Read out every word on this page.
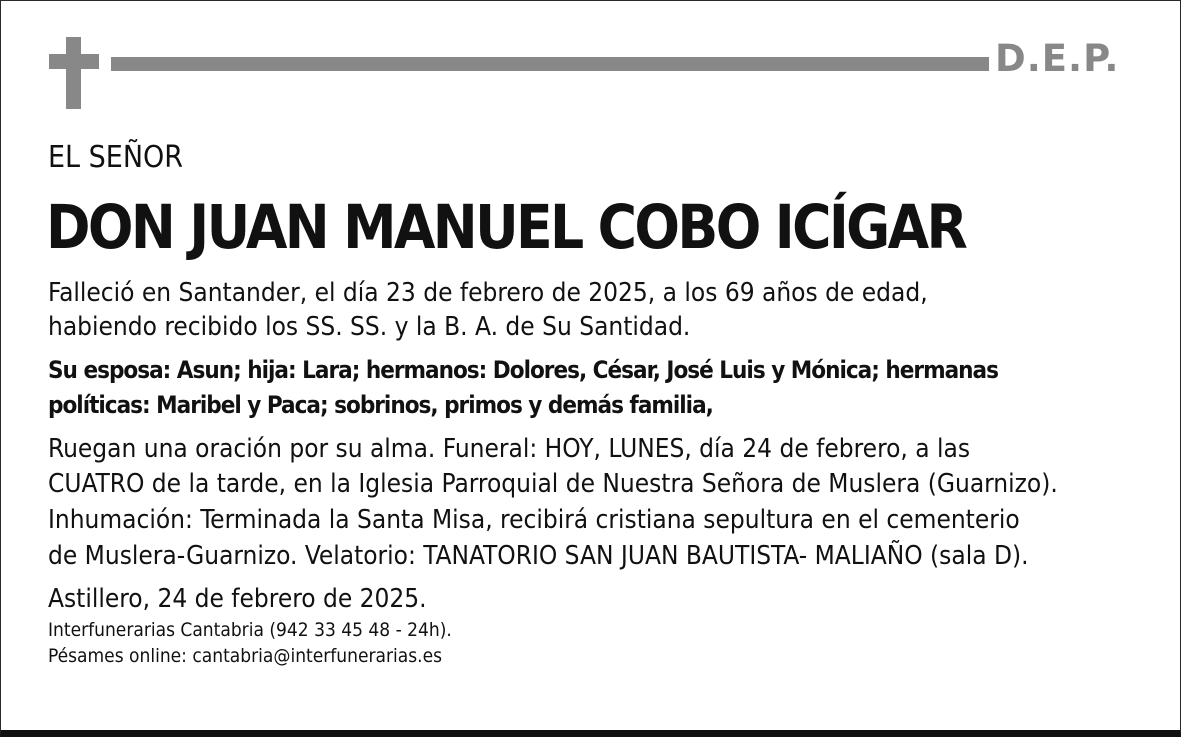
D.E.P.
EL SEÑOR
DON JUAN MANUEL COBO ICÍGAR
Falleció en Santander, el día 23 de febrero de 2025, a los 69 años de edad,
habiendo recibido los SS. SS. y la B. A. de Su Santidad.
Su esposa: Asun; hija: Lara; hermanos: Dolores, César, José Luis y Mónica; hermanas
políticas: Maribel y Paca; sobrinos, primos y demás familia,
Ruegan una oración por su alma. Funeral: HOY, LUNES, día 24 de febrero, a las
CUATRO de la tarde, en la Iglesia Parroquial de Nuestra Señora de Muslera (Guarnizo).
Inhumación: Terminada la Santa Misa, recibirá cristiana sepultura en el cementerio
de Muslera-Guarnizo. Velatorio: TANATORIO SAN JUAN BAUTISTA- MALIAÑO (sala D).
Astillero, 24 de febrero de 2025.
Interfunerarias Cantabria (942 33 45 48 - 24h).
Pésames online: cantabria@interfunerarias.es
